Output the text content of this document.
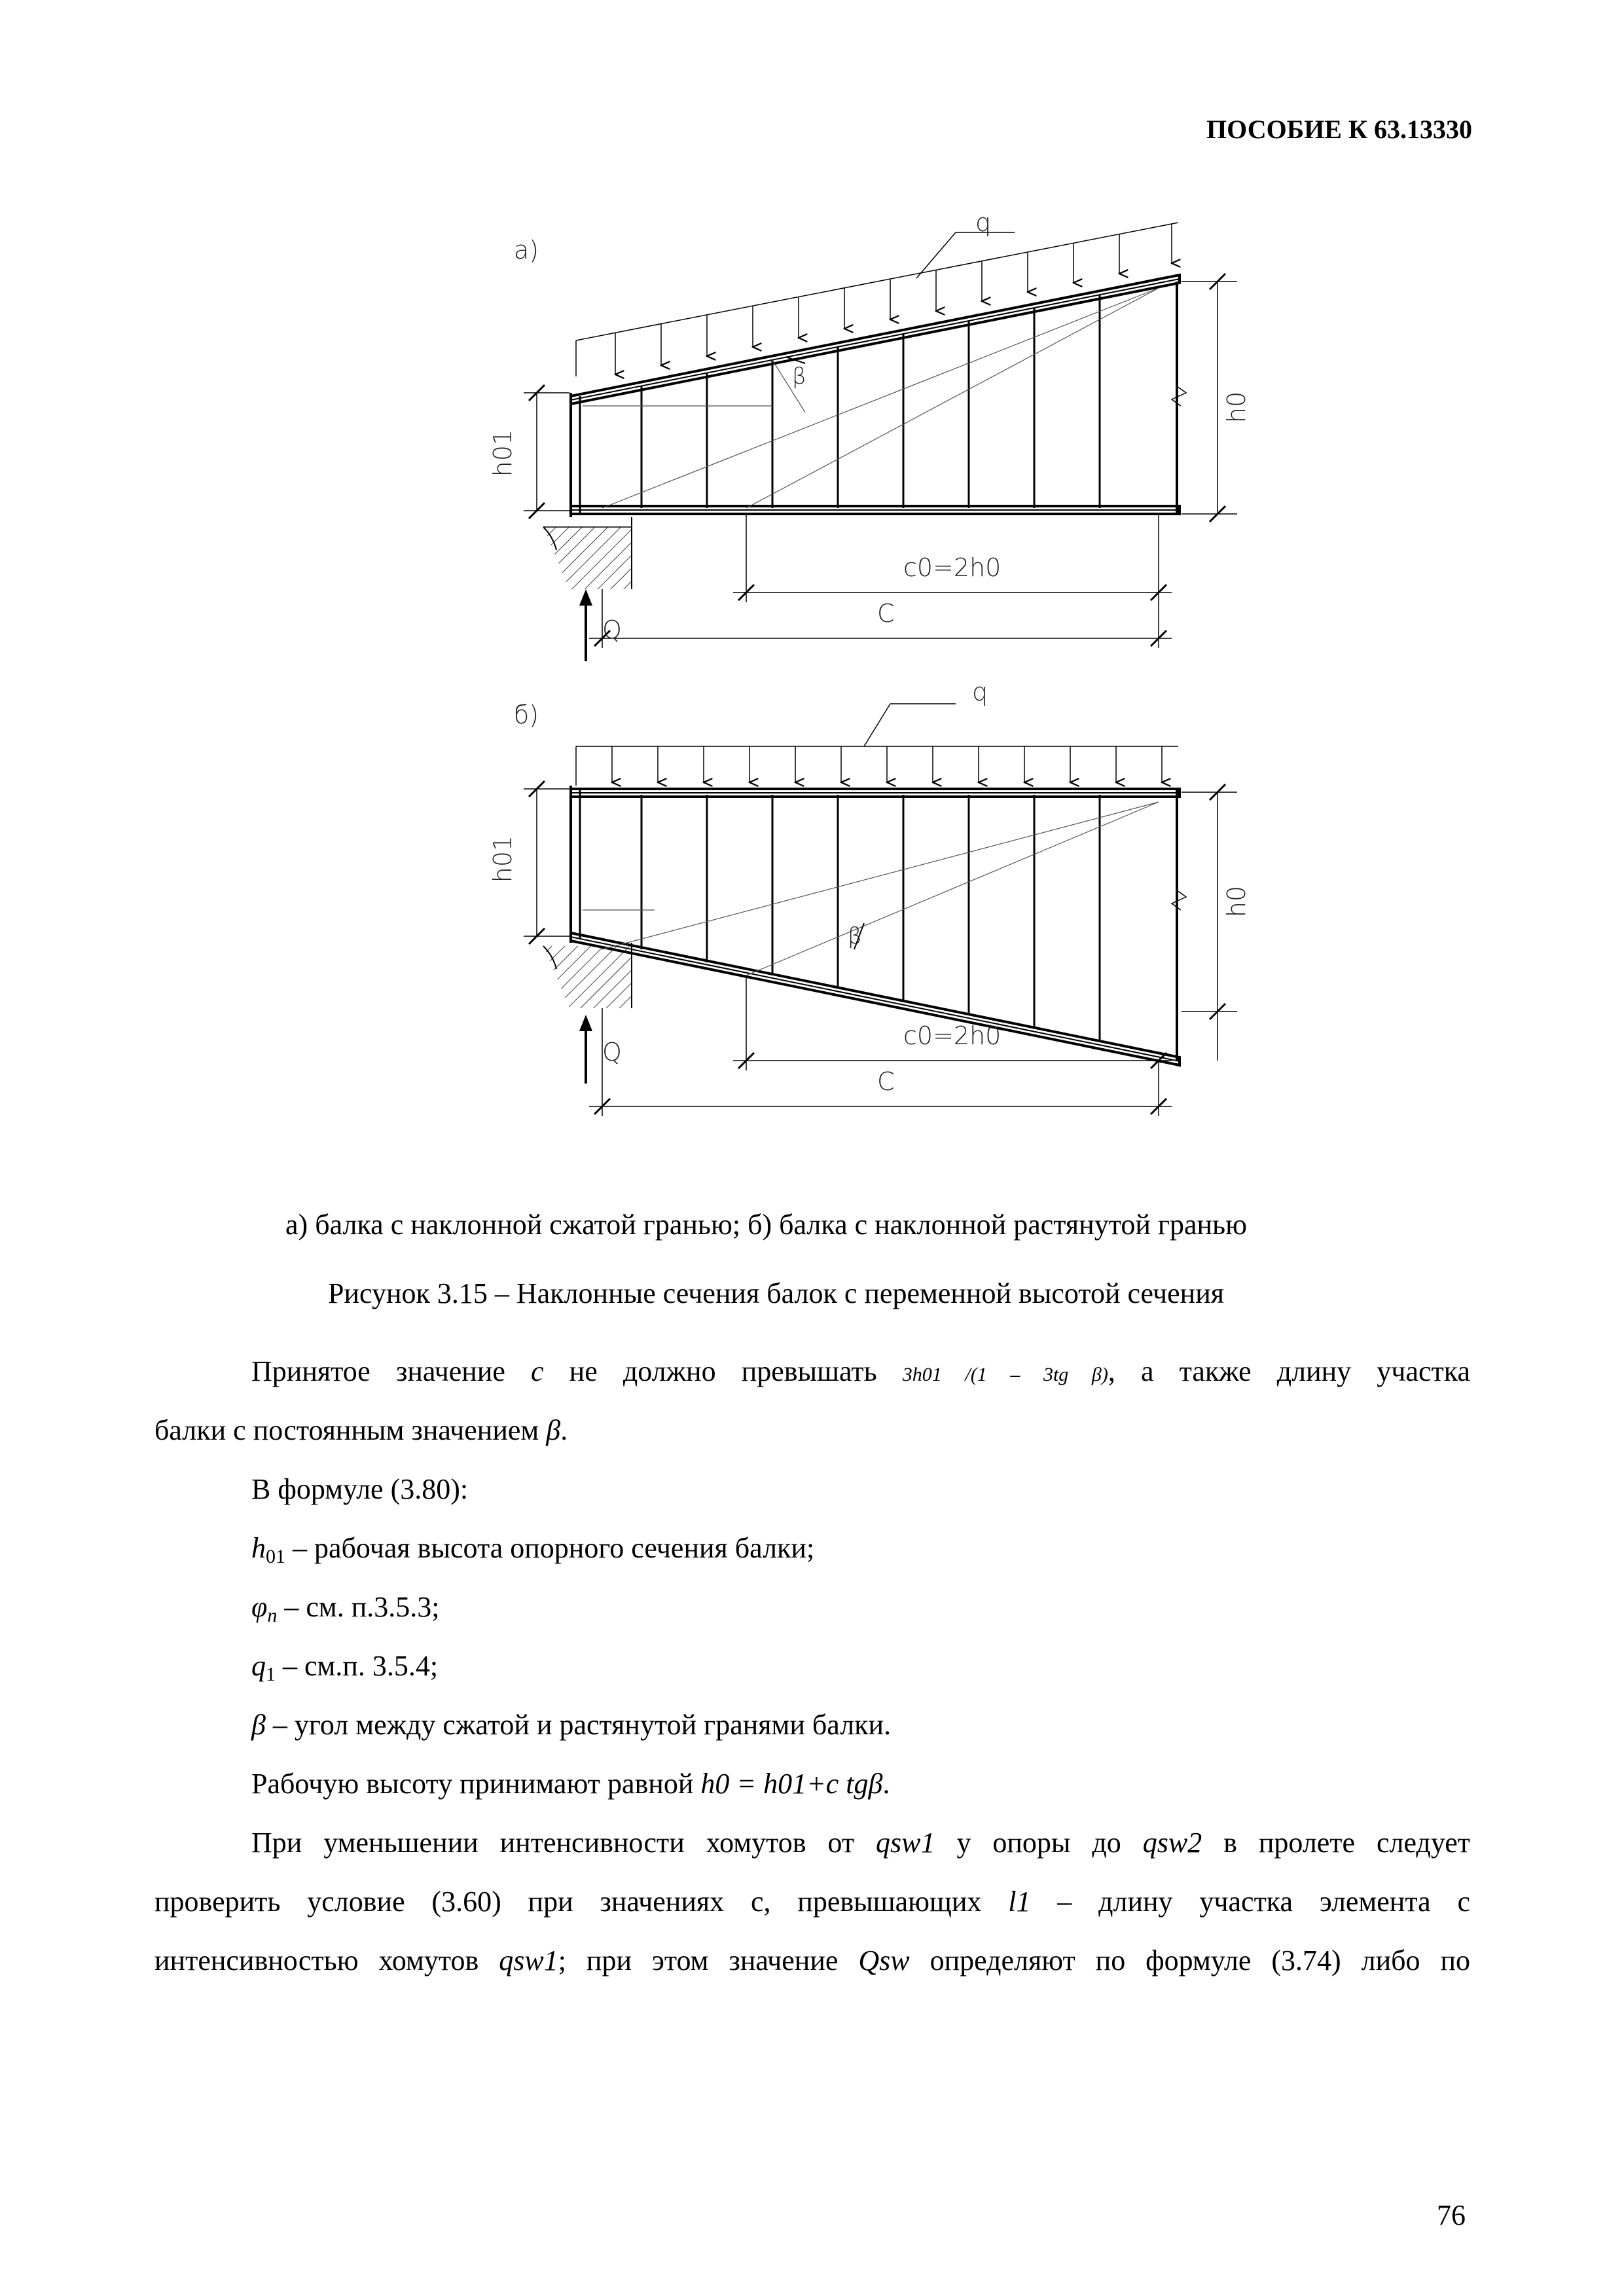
ПОСОБИЕ К 63.13330
а)
q
β
h01
h0
c0=2h0
C
Q
б)
q
β
h01
h0
c0=2h0
C
Q
а) балка с наклонной сжатой гранью; б) балка с наклонной растянутой гранью
Рисунок 3.15 – Наклонные сечения балок с переменной высотой сечения
Принятое значение c не должно превышать 3h01 /(1 – 3tg β), а также длину участка
балки с постоянным значением β.
В формуле (3.80):
$h_{01}$ – рабочая высота опорного сечения балки;
$\varphi_n$ – см. п.3.5.3;
$q_1 - см.п$. 3.5.4;
β – угол между сжатой и растянутой гранями балки.
Рабочую высоту принимают равной h0 = h01+c tgβ.
При уменьшении интенсивности хомутов от qsw1 у опоры до qsw2 в пролете следует
проверить условие (3.60) при значениях с, превышающих l1 – длину участка элемента с
интенсивностью хомутов qsw1; при этом значение Qsw определяют по формуле (3.74) либо по
76
